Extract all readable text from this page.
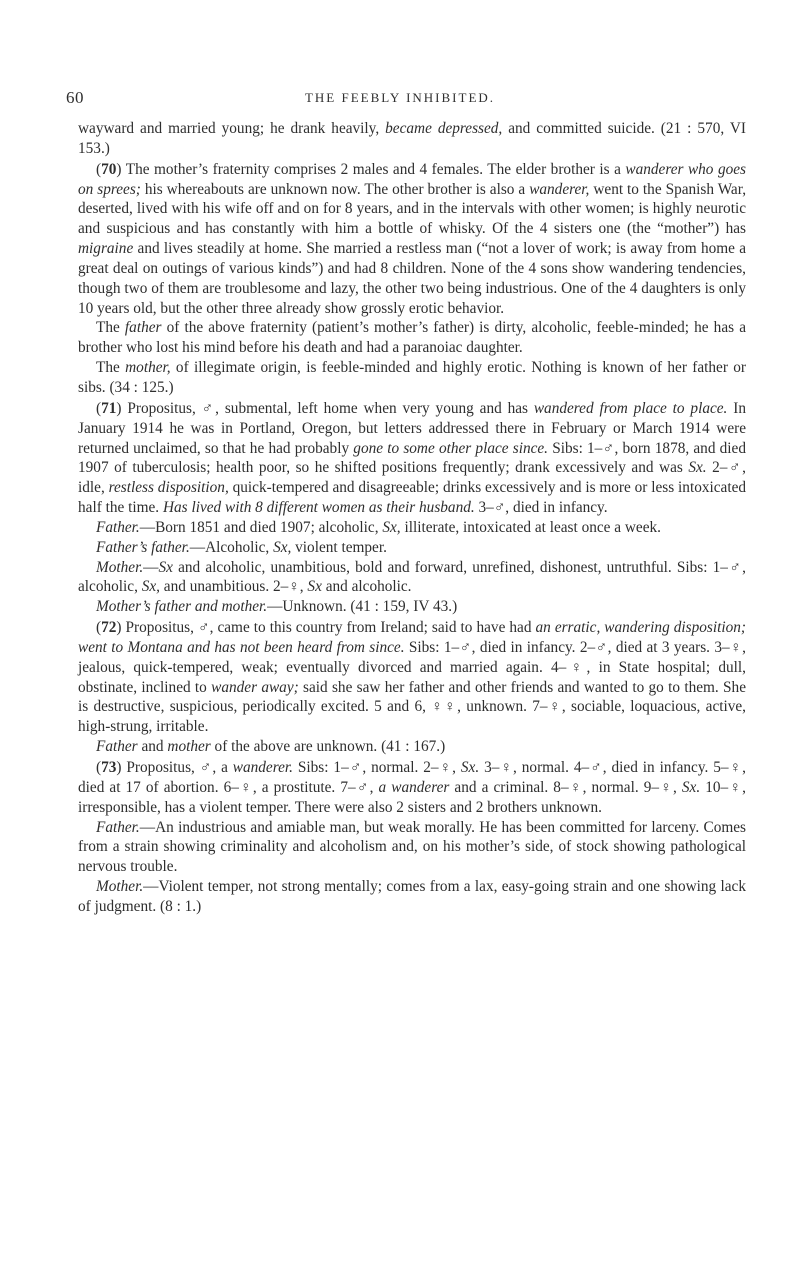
60	THE FEEBLY INHIBITED.

wayward and married young; he drank heavily, became depressed, and committed suicide. (21 : 570, VI 153.)

(70) The mother’s fraternity comprises 2 males and 4 females. The elder brother is a wanderer who goes on sprees; his whereabouts are unknown now. The other brother is also a wanderer, went to the Spanish War, deserted, lived with his wife off and on for 8 years, and in the intervals with other women; is highly neurotic and suspicious and has constantly with him a bottle of whisky. Of the 4 sisters one (the “mother”) has migraine and lives steadily at home. She married a restless man (“not a lover of work; is away from home a great deal on outings of various kinds”) and had 8 children. None of the 4 sons show wandering tendencies, though two of them are troublesome and lazy, the other two being industrious. One of the 4 daughters is only 10 years old, but the other three already show grossly erotic behavior.

The father of the above fraternity (patient’s mother’s father) is dirty, alcoholic, feeble-minded; he has a brother who lost his mind before his death and had a paranoiac daughter.

The mother, of illegimate origin, is feeble-minded and highly erotic. Nothing is known of her father or sibs. (34 : 125.)

(71) Propositus, ♂, submental, left home when very young and has wandered from place to place. In January 1914 he was in Portland, Oregon, but letters addressed there in February or March 1914 were returned unclaimed, so that he had probably gone to some other place since. Sibs: 1–♂, born 1878, and died 1907 of tuberculosis; health poor, so he shifted positions frequently; drank excessively and was Sx. 2–♂, idle, restless disposition, quick-tempered and disagreeable; drinks excessively and is more or less intoxicated half the time. Has lived with 8 different women as their husband. 3–♂, died in infancy.

Father.—Born 1851 and died 1907; alcoholic, Sx, illiterate, intoxicated at least once a week.

Father’s father.—Alcoholic, Sx, violent temper.

Mother.—Sx and alcoholic, unambitious, bold and forward, unrefined, dishonest, untruthful. Sibs: 1–♂, alcoholic, Sx, and unambitious. 2–♀, Sx and alcoholic.

Mother’s father and mother.—Unknown. (41 : 159, IV 43.)

(72) Propositus, ♂, came to this country from Ireland; said to have had an erratic, wandering disposition; went to Montana and has not been heard from since. Sibs: 1–♂, died in infancy. 2–♂, died at 3 years. 3–♀, jealous, quick-tempered, weak; eventually divorced and married again. 4–♀, in State hospital; dull, obstinate, inclined to wander away; said she saw her father and other friends and wanted to go to them. She is destructive, suspicious, periodically excited. 5 and 6, ♀♀, unknown. 7–♀, sociable, loquacious, active, high-strung, irritable.

Father and mother of the above are unknown. (41 : 167.)

(73) Propositus, ♂, a wanderer. Sibs: 1–♂, normal. 2–♀, Sx. 3–♀, normal. 4–♂, died in infancy. 5–♀, died at 17 of abortion. 6–♀, a prostitute. 7–♂, a wanderer and a criminal. 8–♀, normal. 9–♀, Sx. 10–♀, irresponsible, has a violent temper. There were also 2 sisters and 2 brothers unknown.

Father.—An industrious and amiable man, but weak morally. He has been committed for larceny. Comes from a strain showing criminality and alcoholism and, on his mother’s side, of stock showing pathological nervous trouble.

Mother.—Violent temper, not strong mentally; comes from a lax, easy-going strain and one showing lack of judgment. (8 : 1.)
